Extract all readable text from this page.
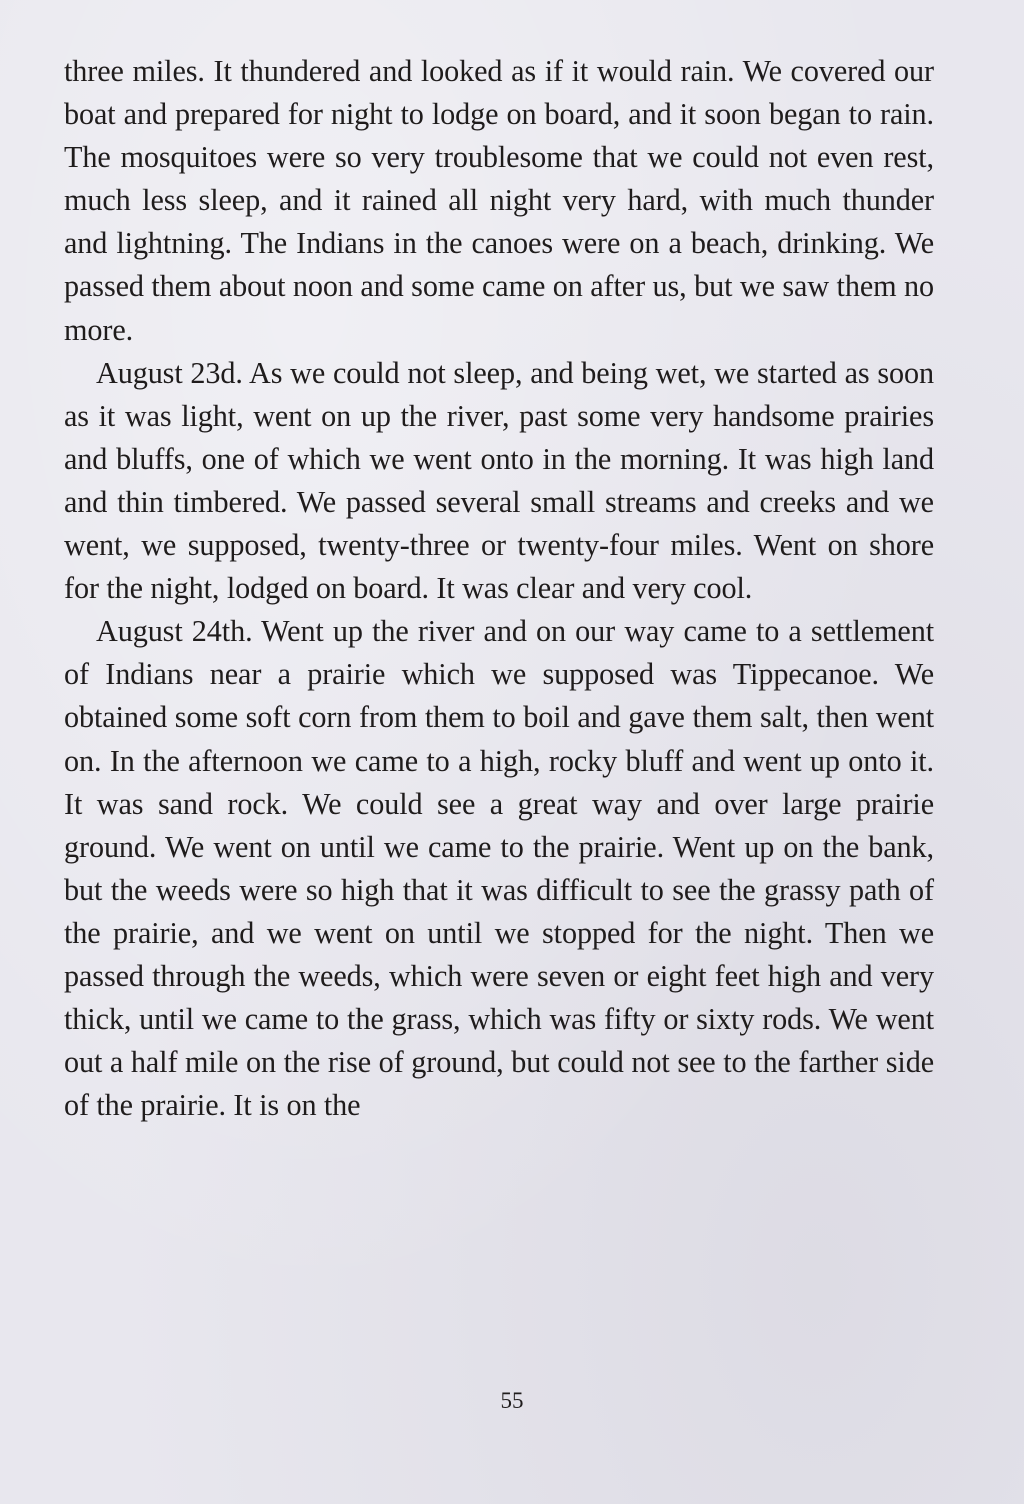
three miles. It thundered and looked as if it would rain. We covered our boat and prepared for night to lodge on board, and it soon began to rain. The mosquitoes were so very troublesome that we could not even rest, much less sleep, and it rained all night very hard, with much thunder and lightning. The Indians in the canoes were on a beach, drinking. We passed them about noon and some came on after us, but we saw them no more.

August 23d. As we could not sleep, and being wet, we started as soon as it was light, went on up the river, past some very handsome prairies and bluffs, one of which we went onto in the morning. It was high land and thin timbered. We passed several small streams and creeks and we went, we supposed, twenty-three or twenty-four miles. Went on shore for the night, lodged on board. It was clear and very cool.

August 24th. Went up the river and on our way came to a settlement of Indians near a prairie which we supposed was Tippecanoe. We obtained some soft corn from them to boil and gave them salt, then went on. In the afternoon we came to a high, rocky bluff and went up onto it. It was sand rock. We could see a great way and over large prairie ground. We went on until we came to the prairie. Went up on the bank, but the weeds were so high that it was difficult to see the grassy path of the prairie, and we went on until we stopped for the night. Then we passed through the weeds, which were seven or eight feet high and very thick, until we came to the grass, which was fifty or sixty rods. We went out a half mile on the rise of ground, but could not see to the farther side of the prairie. It is on the

55
